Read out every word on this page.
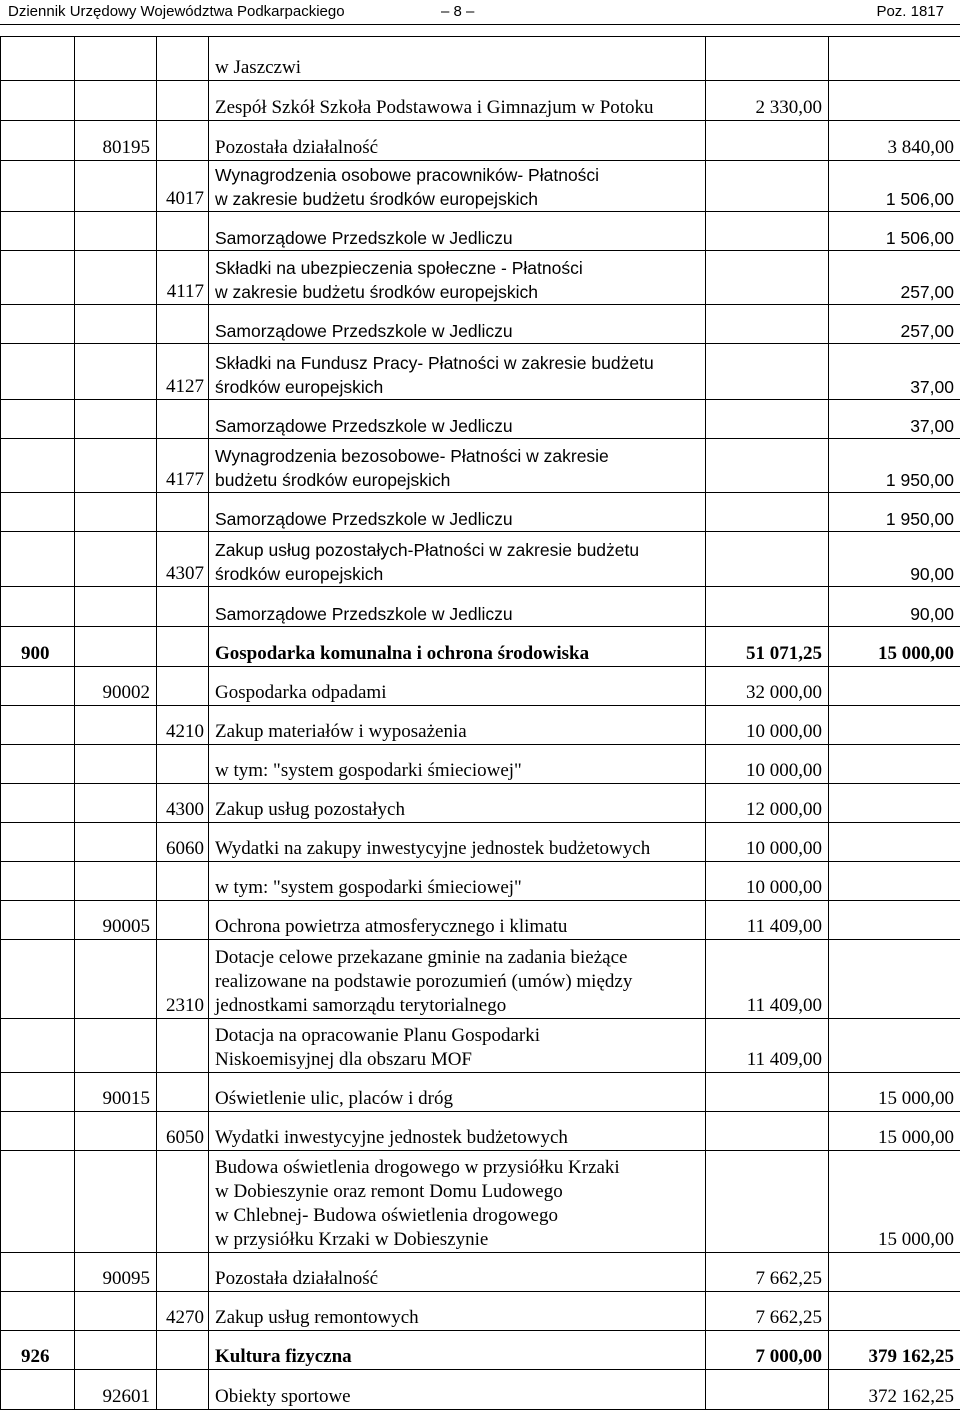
Dziennik Urzędowy Województwa Podkarpackiego	– 8 –	Poz. 1817
			w Jaszczwi		
			Zespół Szkół Szkoła Podstawowa i Gimnazjum w Potoku	2 330,00	
	80195		Pozostała działalność		3 840,00
		4017	Wynagrodzenia osobowe pracowników- Płatności
w zakresie budżetu środków europejskich		1 506,00
			Samorządowe Przedszkole w Jedliczu		1 506,00
		4117	Składki na ubezpieczenia społeczne - Płatności
w zakresie budżetu środków europejskich		257,00
			Samorządowe Przedszkole w Jedliczu		257,00
		4127	Składki na Fundusz Pracy- Płatności w zakresie budżetu
środków europejskich		37,00
			Samorządowe Przedszkole w Jedliczu		37,00
		4177	Wynagrodzenia bezosobowe- Płatności w zakresie
budżetu środków europejskich		1 950,00
			Samorządowe Przedszkole w Jedliczu		1 950,00
		4307	Zakup usług pozostałych-Płatności w zakresie budżetu
środków europejskich		90,00
			Samorządowe Przedszkole w Jedliczu		90,00
900			Gospodarka komunalna i ochrona środowiska	51 071,25	15 000,00
	90002		Gospodarka odpadami	32 000,00	
		4210	Zakup materiałów i wyposażenia	10 000,00	
			w tym: "system gospodarki śmieciowej"	10 000,00	
		4300	Zakup usług pozostałych	12 000,00	
		6060	Wydatki na zakupy inwestycyjne jednostek budżetowych	10 000,00	
			w tym: "system gospodarki śmieciowej"	10 000,00	
	90005		Ochrona powietrza atmosferycznego i klimatu	11 409,00	
		2310	Dotacje celowe przekazane gminie na zadania bieżące
realizowane na podstawie porozumień (umów) między
jednostkami samorządu terytorialnego	11 409,00	
			Dotacja na opracowanie Planu Gospodarki
Niskoemisyjnej dla obszaru MOF	11 409,00	
	90015		Oświetlenie ulic, placów i dróg		15 000,00
		6050	Wydatki inwestycyjne jednostek budżetowych		15 000,00
			Budowa oświetlenia drogowego w przysiółku Krzaki
w Dobieszynie oraz remont Domu Ludowego
w Chlebnej- Budowa oświetlenia drogowego
w przysiółku Krzaki w Dobieszynie		15 000,00
	90095		Pozostała działalność	7 662,25	
		4270	Zakup usług remontowych	7 662,25	
926			Kultura fizyczna	7 000,00	379 162,25
	92601		Obiekty sportowe		372 162,25
